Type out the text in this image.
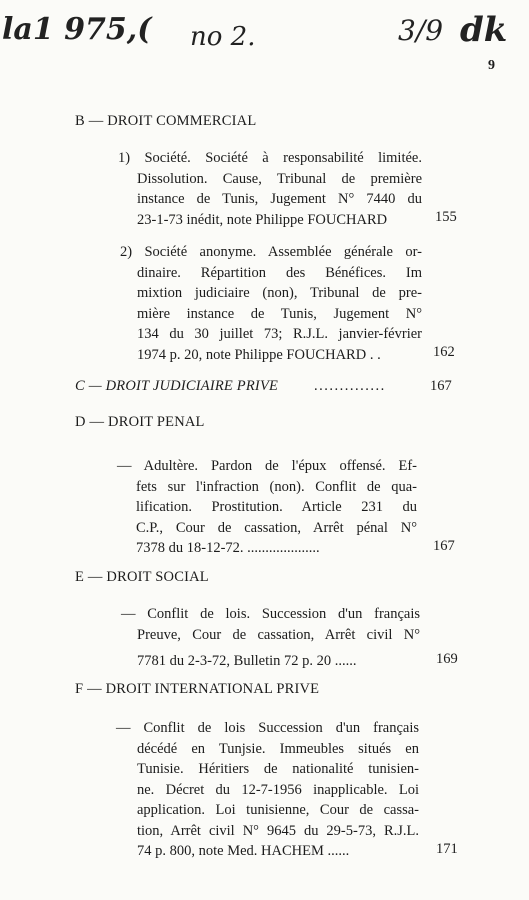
la1 975,( no 2.	3/9 dk
9
B — DROIT COMMERCIAL
1) Société. Société à responsabilité limitée.
Dissolution. Cause, Tribunal de première
instance de Tunis, Jugement N° 7440 du
23-1-73 inédit, note Philippe FOUCHARD	155
2) Société anonyme. Assemblée générale or-
dinaire. Répartition des Bénéfices. Im
mixtion judiciaire (non), Tribunal de pre-
mière instance de Tunis, Jugement N°
134 du 30 juillet 73; R.J.L. janvier-février
1974 p. 20, note Philippe FOUCHARD . .	162
C — DROIT JUDICIAIRE PRIVE ..............	167
D — DROIT PENAL
— Adultère. Pardon de l'épux offensé. Ef-
fets sur l'infraction (non). Conflit de qua-
lification. Prostitution. Article 231 du
C.P., Cour de cassation, Arrêt pénal N°
7378 du 18-12-72. ....................	167
E — DROIT SOCIAL
— Conflit de lois. Succession d'un français
Preuve, Cour de cassation, Arrêt civil N°
7781 du 2-3-72, Bulletin 72 p. 20 ......	169
F — DROIT INTERNATIONAL PRIVE
— Conflit de lois Succession d'un français
décédé en Tunjsie. Immeubles situés en
Tunisie. Héritiers de nationalité tunisien-
ne. Décret du 12-7-1956 inapplicable. Loi
application. Loi tunisienne, Cour de cassa-
tion, Arrêt civil N° 9645 du 29-5-73, R.J.L.
74 p. 800, note Med. HACHEM ......	171
